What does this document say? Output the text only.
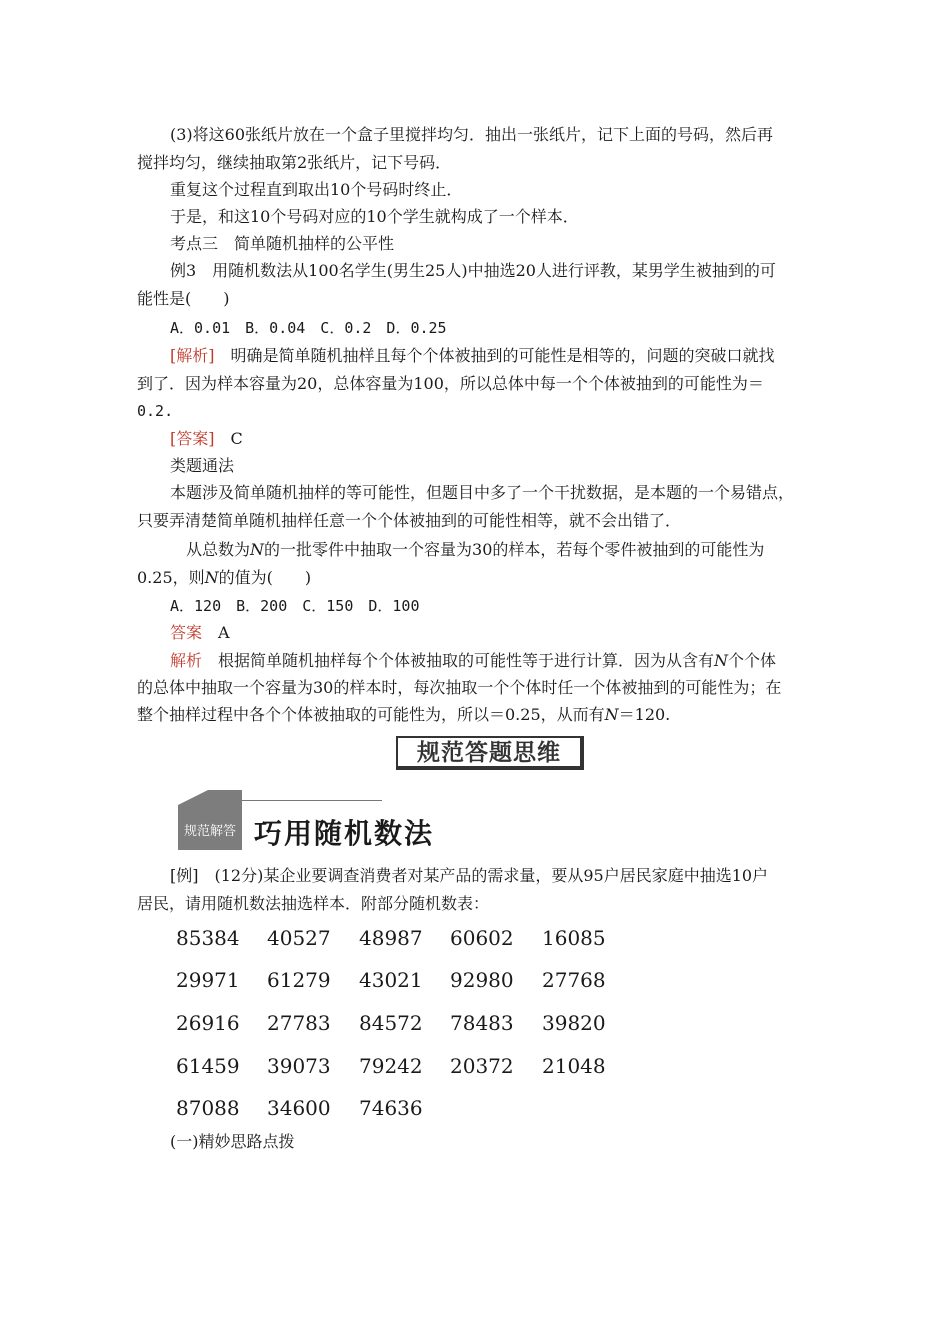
(3)将这60张纸片放在一个盒子里搅拌均匀．抽出一张纸片，记下上面的号码，然后再
搅拌均匀，继续抽取第2张纸片，记下号码．
重复这个过程直到取出10个号码时终止．
于是，和这10个号码对应的10个学生就构成了一个样本．
考点三　简单随机抽样的公平性
例3　用随机数法从100名学生(男生25人)中抽选20人进行评教，某男学生被抽到的可
能性是(　　)
A．0.01　B．0.04　C．0.2　D．0.25
[解析]　明确是简单随机抽样且每个个体被抽到的可能性是相等的，问题的突破口就找
到了．因为样本容量为20，总体容量为100，所以总体中每一个个体被抽到的可能性为＝
0.2.
[答案]　C
类题通法
本题涉及简单随机抽样的等可能性，但题目中多了一个干扰数据，是本题的一个易错点，
只要弄清楚简单随机抽样任意一个个体被抽到的可能性相等，就不会出错了．
从总数为N的一批零件中抽取一个容量为30的样本，若每个零件被抽到的可能性为
0.25，则N的值为(　　)
A．120　B．200　C．150　D．100
答案　A
解析　根据简单随机抽样每个个体被抽取的可能性等于进行计算．因为从含有N个个体
的总体中抽取一个容量为30的样本时，每次抽取一个个体时任一个体被抽到的可能性为；在
整个抽样过程中各个个体被抽取的可能性为，所以＝0.25，从而有N＝120.
规范答题思维
规范解答 巧用随机数法
[例]　(12分)某企业要调查消费者对某产品的需求量，要从95户居民家庭中抽选10户
居民，请用随机数法抽选样本．附部分随机数表：
85384 40527 48987 60602 16085
29971 61279 43021 92980 27768
26916 27783 84572 78483 39820
61459 39073 79242 20372 21048
87088 34600 74636
(一)精妙思路点拨
